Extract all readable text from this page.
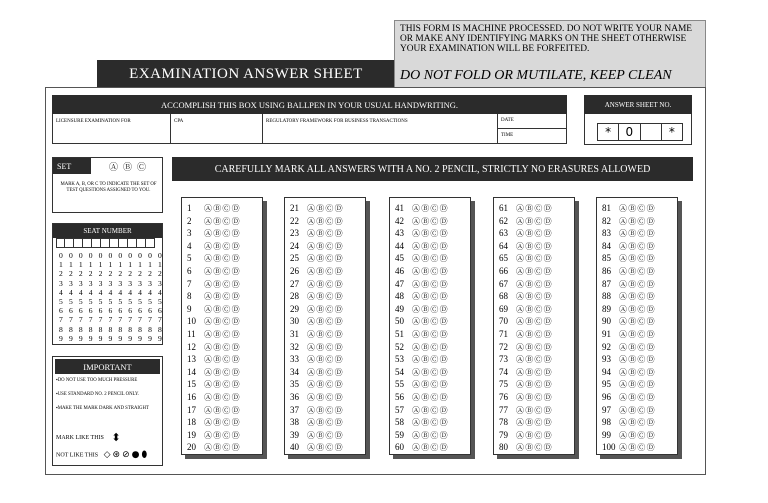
EXAMINATION ANSWER SHEET
THIS FORM IS MACHINE PROCESSED. DO NOT WRITE YOUR NAME OR MAKE ANY IDENTIFYING MARKS ON THE SHEET OTHERWISE YOUR EXAMINATION WILL BE FORFEITED.
DO NOT FOLD OR MUTILATE, KEEP CLEAN
ACCOMPLISH THIS BOX USING BALLPEN IN YOUR USUAL HANDWRITING.
LICENSURE EXAMINATION FOR	CPA	REGULATORY FRAMEWORK FOR BUSINESS TRANSACTIONS	DATE
TIME
ANSWER SHEET NO.
*	0	*
SET	ⒶⒷⒸ
MARK A, B, OR C TO INDICATE THE SET OF TEST QUESTIONS ASSIGNED TO YOU.
SEAT NUMBER
0 0 0 0 0 0 0 0 0 0 0
1 1 1 1 1 1 1 1 1 1 1
2 2 2 2 2 2 2 2 2 2 2
3 3 3 3 3 3 3 3 3 3 3
4 4 4 4 4 4 4 4 4 4 4
5 5 5 5 5 5 5 5 5 5 5
6 6 6 6 6 6 6 6 6 6 6
7 7 7 7 7 7 7 7 7 7 7
8 8 8 8 8 8 8 8 8 8 8
9 9 9 9 9 9 9 9 9 9 9
IMPORTANT
▪DO NOT USE TOO MUCH PRESSURE
▪USE STANDARD NO. 2 PENCIL ONLY.
▪MAKE THE MARK DARK AND STRAIGHT
MARK LIKE THIS ⬍
NOT LIKE THIS ◇⊛⊘●⬮
CAREFULLY MARK ALL ANSWERS WITH A NO. 2 PENCIL, STRICTLY NO ERASURES ALLOWED
1 ⒶⒷⒸⒹ
2 ⒶⒷⒸⒹ
3 ⒶⒷⒸⒹ
4 ⒶⒷⒸⒹ
5 ⒶⒷⒸⒹ
6 ⒶⒷⒸⒹ
7 ⒶⒷⒸⒹ
8 ⒶⒷⒸⒹ
9 ⒶⒷⒸⒹ
10 ⒶⒷⒸⒹ
11 ⒶⒷⒸⒹ
12 ⒶⒷⒸⒹ
13 ⒶⒷⒸⒹ
14 ⒶⒷⒸⒹ
15 ⒶⒷⒸⒹ
16 ⒶⒷⒸⒹ
17 ⒶⒷⒸⒹ
18 ⒶⒷⒸⒹ
19 ⒶⒷⒸⒹ
20 ⒶⒷⒸⒹ
21 ⒶⒷⒸⒹ
22 ⒶⒷⒸⒹ
23 ⒶⒷⒸⒹ
24 ⒶⒷⒸⒹ
25 ⒶⒷⒸⒹ
26 ⒶⒷⒸⒹ
27 ⒶⒷⒸⒹ
28 ⒶⒷⒸⒹ
29 ⒶⒷⒸⒹ
30 ⒶⒷⒸⒹ
31 ⒶⒷⒸⒹ
32 ⒶⒷⒸⒹ
33 ⒶⒷⒸⒹ
34 ⒶⒷⒸⒹ
35 ⒶⒷⒸⒹ
36 ⒶⒷⒸⒹ
37 ⒶⒷⒸⒹ
38 ⒶⒷⒸⒹ
39 ⒶⒷⒸⒹ
40 ⒶⒷⒸⒹ
41 ⒶⒷⒸⒹ
42 ⒶⒷⒸⒹ
43 ⒶⒷⒸⒹ
44 ⒶⒷⒸⒹ
45 ⒶⒷⒸⒹ
46 ⒶⒷⒸⒹ
47 ⒶⒷⒸⒹ
48 ⒶⒷⒸⒹ
49 ⒶⒷⒸⒹ
50 ⒶⒷⒸⒹ
51 ⒶⒷⒸⒹ
52 ⒶⒷⒸⒹ
53 ⒶⒷⒸⒹ
54 ⒶⒷⒸⒹ
55 ⒶⒷⒸⒹ
56 ⒶⒷⒸⒹ
57 ⒶⒷⒸⒹ
58 ⒶⒷⒸⒹ
59 ⒶⒷⒸⒹ
60 ⒶⒷⒸⒹ
61 ⒶⒷⒸⒹ
62 ⒶⒷⒸⒹ
63 ⒶⒷⒸⒹ
64 ⒶⒷⒸⒹ
65 ⒶⒷⒸⒹ
66 ⒶⒷⒸⒹ
67 ⒶⒷⒸⒹ
68 ⒶⒷⒸⒹ
69 ⒶⒷⒸⒹ
70 ⒶⒷⒸⒹ
71 ⒶⒷⒸⒹ
72 ⒶⒷⒸⒹ
73 ⒶⒷⒸⒹ
74 ⒶⒷⒸⒹ
75 ⒶⒷⒸⒹ
76 ⒶⒷⒸⒹ
77 ⒶⒷⒸⒹ
78 ⒶⒷⒸⒹ
79 ⒶⒷⒸⒹ
80 ⒶⒷⒸⒹ
81 ⒶⒷⒸⒹ
82 ⒶⒷⒸⒹ
83 ⒶⒷⒸⒹ
84 ⒶⒷⒸⒹ
85 ⒶⒷⒸⒹ
86 ⒶⒷⒸⒹ
87 ⒶⒷⒸⒹ
88 ⒶⒷⒸⒹ
89 ⒶⒷⒸⒹ
90 ⒶⒷⒸⒹ
91 ⒶⒷⒸⒹ
92 ⒶⒷⒸⒹ
93 ⒶⒷⒸⒹ
94 ⒶⒷⒸⒹ
95 ⒶⒷⒸⒹ
96 ⒶⒷⒸⒹ
97 ⒶⒷⒸⒹ
98 ⒶⒷⒸⒹ
99 ⒶⒷⒸⒹ
100 ⒶⒷⒸⒹ
